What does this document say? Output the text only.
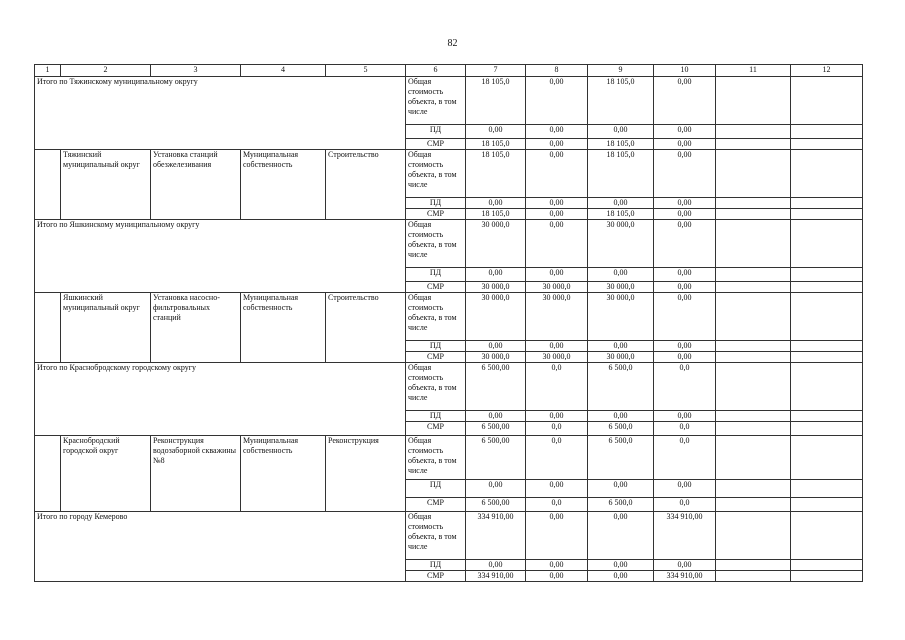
82
1	2	3	4	5	6	7	8	9	10	11	12
Итого по Тяжинскому муниципальному округу					Общая стоимость объекта, в том числе	18 105,0	0,00	18 105,0	0,00		
					ПД	0,00	0,00	0,00	0,00		
					СМР	18 105,0	0,00	18 105,0	0,00		
	Тяжинский муниципальный округ	Установка станций обезжелезивания	Муниципальная собственность	Строительство	Общая стоимость объекта, в том числе	18 105,0	0,00	18 105,0	0,00		
					ПД	0,00	0,00	0,00	0,00		
					СМР	18 105,0	0,00	18 105,0	0,00		
Итого по Яшкинскому муниципальному округу					Общая стоимость объекта, в том числе	30 000,0	0,00	30 000,0	0,00		
					ПД	0,00	0,00	0,00	0,00		
					СМР	30 000,0	30 000,0	30 000,0	0,00		
	Яшкинский муниципальный округ	Установка насосно-фильтровальных станций	Муниципальная собственность	Строительство	Общая стоимость объекта, в том числе	30 000,0	30 000,0	30 000,0	0,00		
					ПД	0,00	0,00	0,00	0,00		
					СМР	30 000,0	30 000,0	30 000,0	0,00		
Итого по Краснобродскому городскому округу					Общая стоимость объекта, в том числе	6 500,00	0,0	6 500,0	0,0		
					ПД	0,00	0,00	0,00	0,00		
					СМР	6 500,00	0,0	6 500,0	0,0		
	Краснобродский городской округ	Реконструкция водозаборной скважины №8	Муниципальная собственность	Реконструкция	Общая стоимость объекта, в том числе	6 500,00	0,0	6 500,0	0,0		
					ПД	0,00	0,00	0,00	0,00		
					СМР	6 500,00	0,0	6 500,0	0,0		
Итого по городу Кемерово					Общая стоимость объекта, в том числе	334 910,00	0,00	0,00	334 910,00		
					ПД	0,00	0,00	0,00	0,00		
					СМР	334 910,00	0,00	0,00	334 910,00		
